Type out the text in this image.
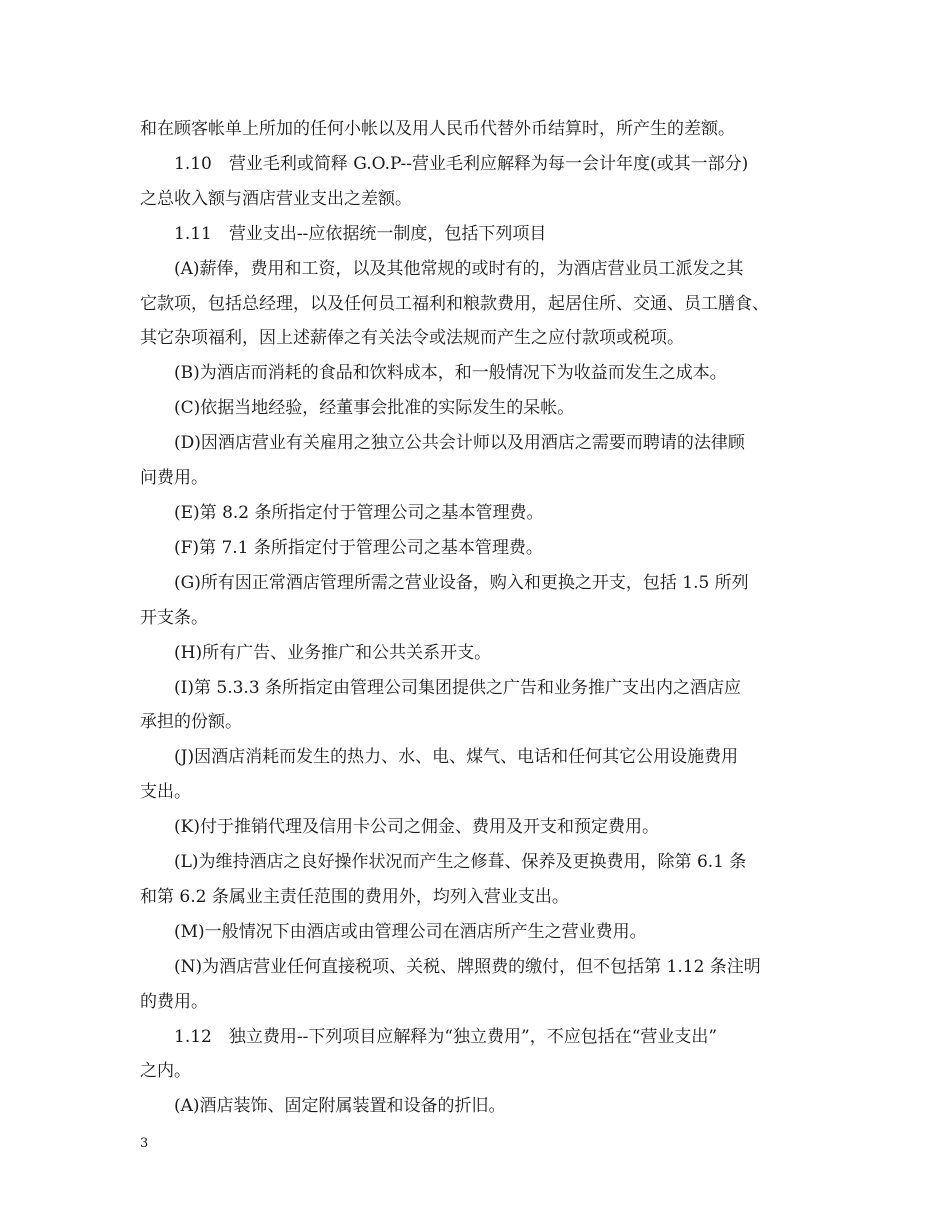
和在顾客帐单上所加的任何小帐以及用人民币代替外币结算时，所产生的差额。

1.10　营业毛利或简释 G.O.P--营业毛利应解释为每一会计年度(或其一部分)

之总收入额与酒店营业支出之差额。

1.11　营业支出--应依据统一制度，包括下列项目

(A)薪俸，费用和工资，以及其他常规的或时有的，为酒店营业员工派发之其

它款项，包括总经理，以及任何员工福利和粮款费用，起居住所、交通、员工膳食、

其它杂项福利，因上述薪俸之有关法令或法规而产生之应付款项或税项。

(B)为酒店而消耗的食品和饮料成本，和一般情况下为收益而发生之成本。

(C)依据当地经验，经董事会批准的实际发生的呆帐。

(D)因酒店营业有关雇用之独立公共会计师以及用酒店之需要而聘请的法律顾

问费用。

(E)第 8.2 条所指定付于管理公司之基本管理费。

(F)第 7.1 条所指定付于管理公司之基本管理费。

(G)所有因正常酒店管理所需之营业设备，购入和更换之开支，包括 1.5 所列

开支条。

(H)所有广告、业务推广和公共关系开支。

(I)第 5.3.3 条所指定由管理公司集团提供之广告和业务推广支出内之酒店应

承担的份额。

(J)因酒店消耗而发生的热力、水、电、煤气、电话和任何其它公用设施费用

支出。

(K)付于推销代理及信用卡公司之佣金、费用及开支和预定费用。

(L)为维持酒店之良好操作状况而产生之修葺、保养及更换费用，除第 6.1 条

和第 6.2 条属业主责任范围的费用外，均列入营业支出。

(M)一般情况下由酒店或由管理公司在酒店所产生之营业费用。

(N)为酒店营业任何直接税项、关税、牌照费的缴付，但不包括第 1.12 条注明

的费用。

1.12　独立费用--下列项目应解释为“独立费用”，不应包括在“营业支出”

之内。

(A)酒店装饰、固定附属装置和设备的折旧。

3
